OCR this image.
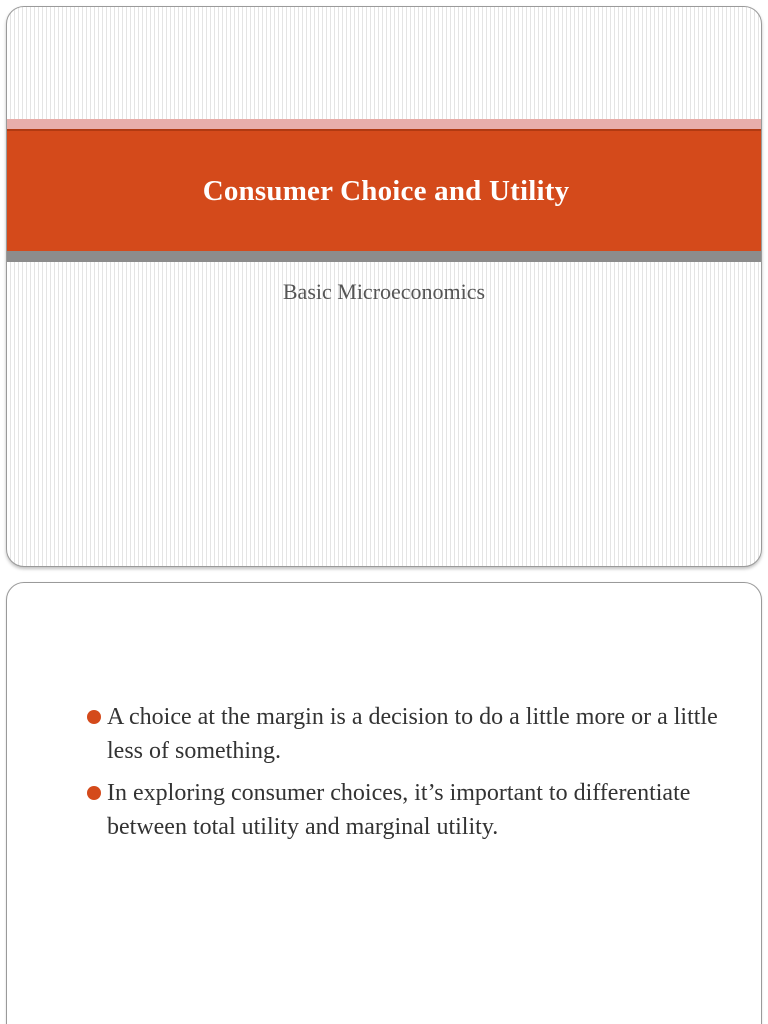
Consumer Choice and Utility
Basic Microeconomics
A choice at the margin is a decision to do a little more or a little less of something.
In exploring consumer choices, it’s important to differentiate between total utility and marginal utility.
